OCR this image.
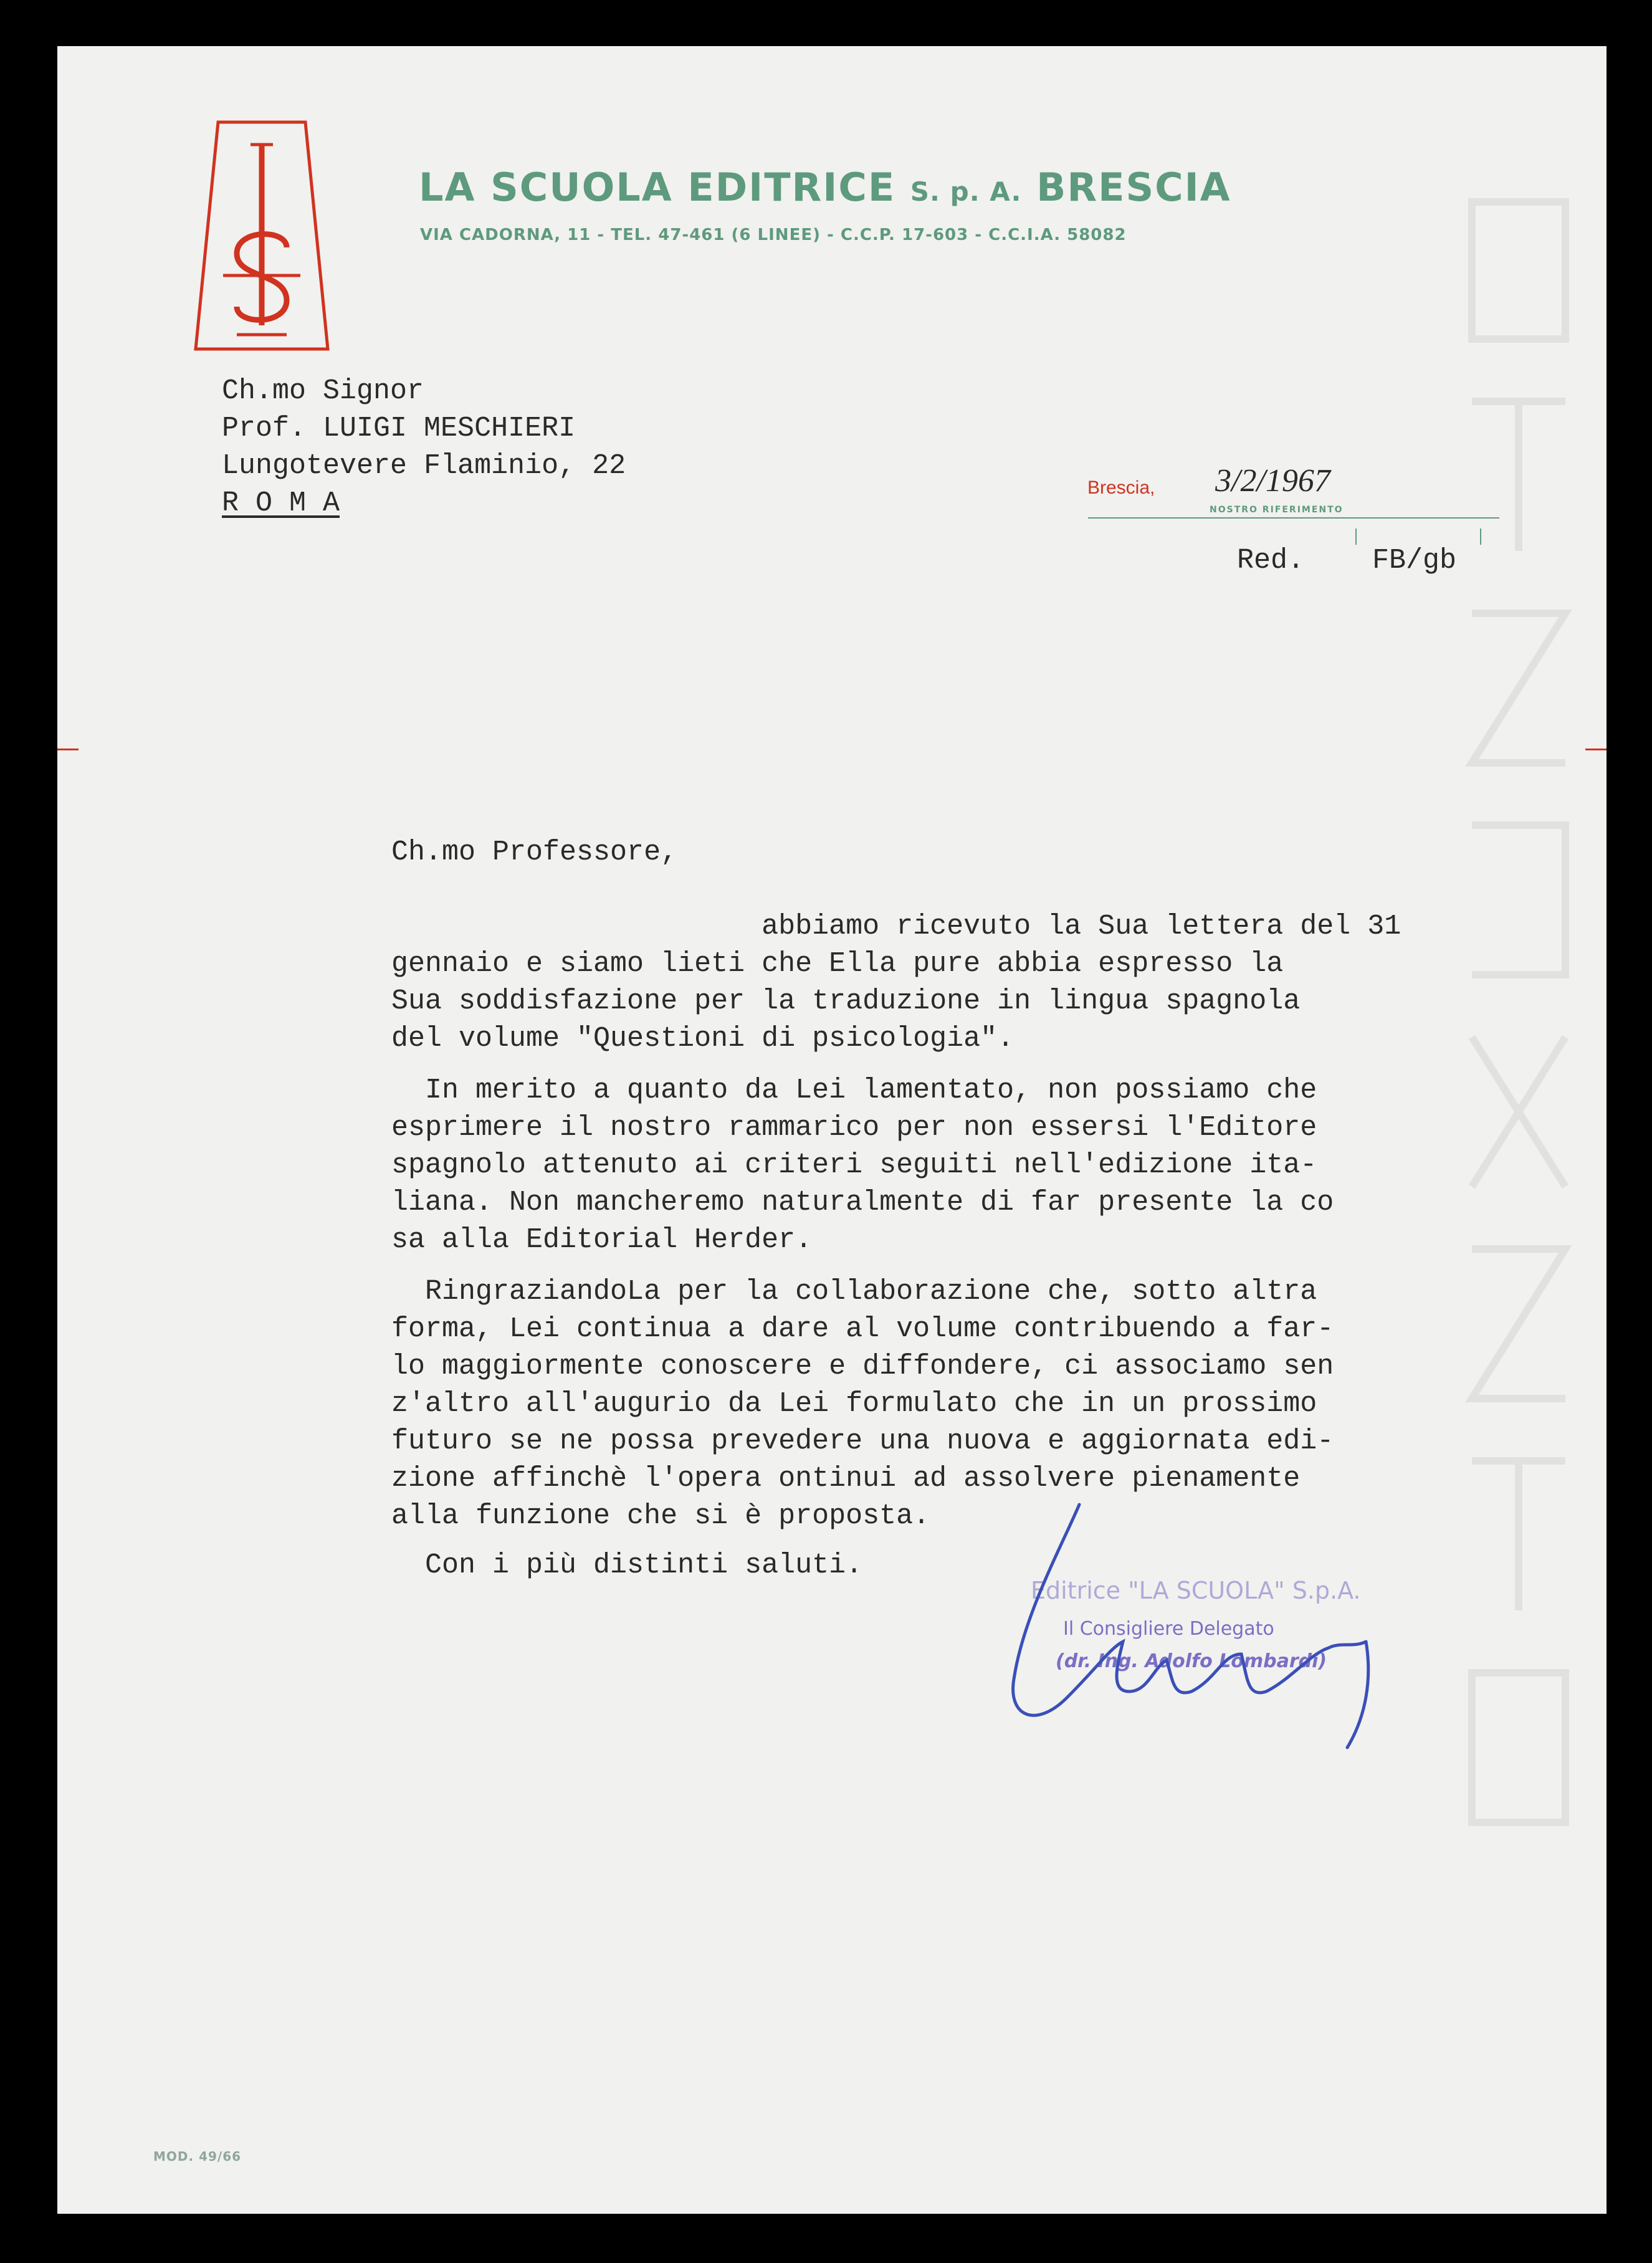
LA SCUOLA EDITRICE S. p. A. BRESCIA
VIA CADORNA, 11 - TEL. 47-461 (6 LINEE) - C.C.P. 17-603 - C.C.I.A. 58082
Ch.mo Signor
Prof. LUIGI MESCHIERI
Lungotevere Flaminio, 22
R O M A	Brescia, 3/2/1967
NOSTRO RIFERIMENTO
Red. FB/gb
Ch.mo Professore,
abbiamo ricevuto la Sua lettera del 31
gennaio e siamo lieti che Ella pure abbia espresso la
Sua soddisfazione per la traduzione in lingua spagnola
del volume "Questioni di psicologia".
In merito a quanto da Lei lamentato, non possiamo che
esprimere il nostro rammarico per non essersi l'Editore
spagnolo attenuto ai criteri seguiti nell'edizione ita-
liana. Non mancheremo naturalmente di far presente la co
sa alla Editorial Herder.
RingraziandoLa per la collaborazione che, sotto altra
forma, Lei continua a dare al volume contribuendo a far-
lo maggiormente conoscere e diffondere, ci associamo sen
z'altro all'augurio da Lei formulato che in un prossimo
futuro se ne possa prevedere una nuova e aggiornata edi-
zione affinchè l'opera ontinui ad assolvere pienamente
alla funzione che si è proposta.
Con i più distinti saluti.
Editrice "LA SCUOLA" S.p.A.
Il Consigliere Delegato
(dr. Ing. Adolfo Lombardi)
MOD. 49/66
